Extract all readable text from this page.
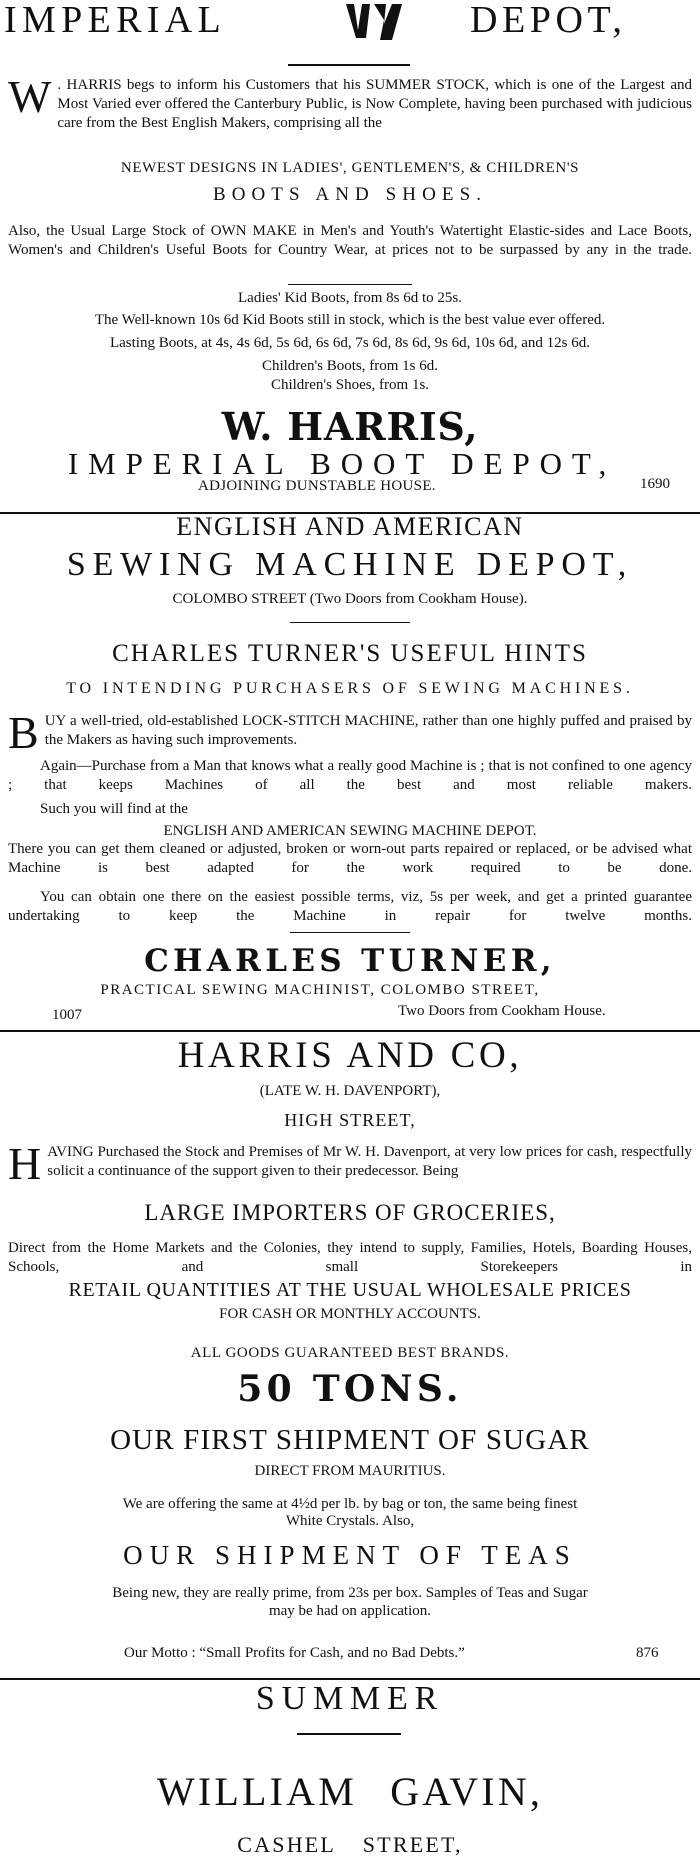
IMPERIAL	DEPOT,
W . HARRIS begs to inform his Customers that his SUMMER STOCK, which is one of the Largest and Most Varied ever offered the Canterbury Public, is Now Complete, having been purchased with judicious care from the Best English Makers, comprising all the

NEWEST DESIGNS IN LADIES', GENTLEMEN'S, & CHILDREN'S

BOOTS AND SHOES.

Also, the Usual Large Stock of OWN MAKE in Men's and Youth's Watertight Elastic-sides and Lace Boots, Women's and Children's Useful Boots for Country Wear, at prices not to be surpassed by any in the trade.

Ladies' Kid Boots, from 8s 6d to 25s.

The Well-known 10s 6d Kid Boots still in stock, which is the best value ever offered.

Lasting Boots, at 4s, 4s 6d, 5s 6d, 6s 6d, 7s 6d, 8s 6d, 9s 6d, 10s 6d, and 12s 6d.

Children's Boots, from 1s 6d.

Children's Shoes, from 1s.

W. HARRIS,

IMPERIAL BOOT DEPOT,

ADJOINING DUNSTABLE HOUSE.	1690

ENGLISH AND AMERICAN

SEWING MACHINE DEPOT,

COLOMBO STREET (Two Doors from Cookham House).

CHARLES TURNER'S USEFUL HINTS

TO INTENDING PURCHASERS OF SEWING MACHINES.

BUY a well-tried, old-established LOCK-STITCH MACHINE, rather than one highly puffed and praised by the Makers as having such improvements.

Again—Purchase from a Man that knows what a really good Machine is ; that is not confined to one agency ; that keeps Machines of all the best and most reliable makers.

Such you will find at the

ENGLISH AND AMERICAN SEWING MACHINE DEPOT.

There you can get them cleaned or adjusted, broken or worn-out parts repaired or replaced, or be advised what Machine is best adapted for the work required to be done.

You can obtain one there on the easiest possible terms, viz, 5s per week, and get a printed guarantee undertaking to keep the Machine in repair for twelve months.

CHARLES TURNER,

PRACTICAL SEWING MACHINIST, COLOMBO STREET,

1007	Two Doors from Cookham House.

HARRIS AND CO,

(LATE W. H. DAVENPORT),

HIGH STREET,

HAVING Purchased the Stock and Premises of Mr W. H. Davenport, at very low prices for cash, respectfully solicit a continuance of the support given to their predecessor. Being

LARGE IMPORTERS OF GROCERIES,

Direct from the Home Markets and the Colonies, they intend to supply, Families, Hotels, Boarding Houses, Schools, and small Storekeepers in

RETAIL QUANTITIES AT THE USUAL WHOLESALE PRICES

FOR CASH OR MONTHLY ACCOUNTS.

ALL GOODS GUARANTEED BEST BRANDS.

50 TONS.

OUR FIRST SHIPMENT OF SUGAR

DIRECT FROM MAURITIUS.

We are offering the same at 4½d per lb. by bag or ton, the same being finest

White Crystals. Also,

OUR SHIPMENT OF TEAS

Being new, they are really prime, from 23s per box. Samples of Teas and Sugar

may be had on application.

Our Motto : “Small Profits for Cash, and no Bad Debts.”	876

SUMMER

WILLIAM GAVIN,

CASHEL STREET,
